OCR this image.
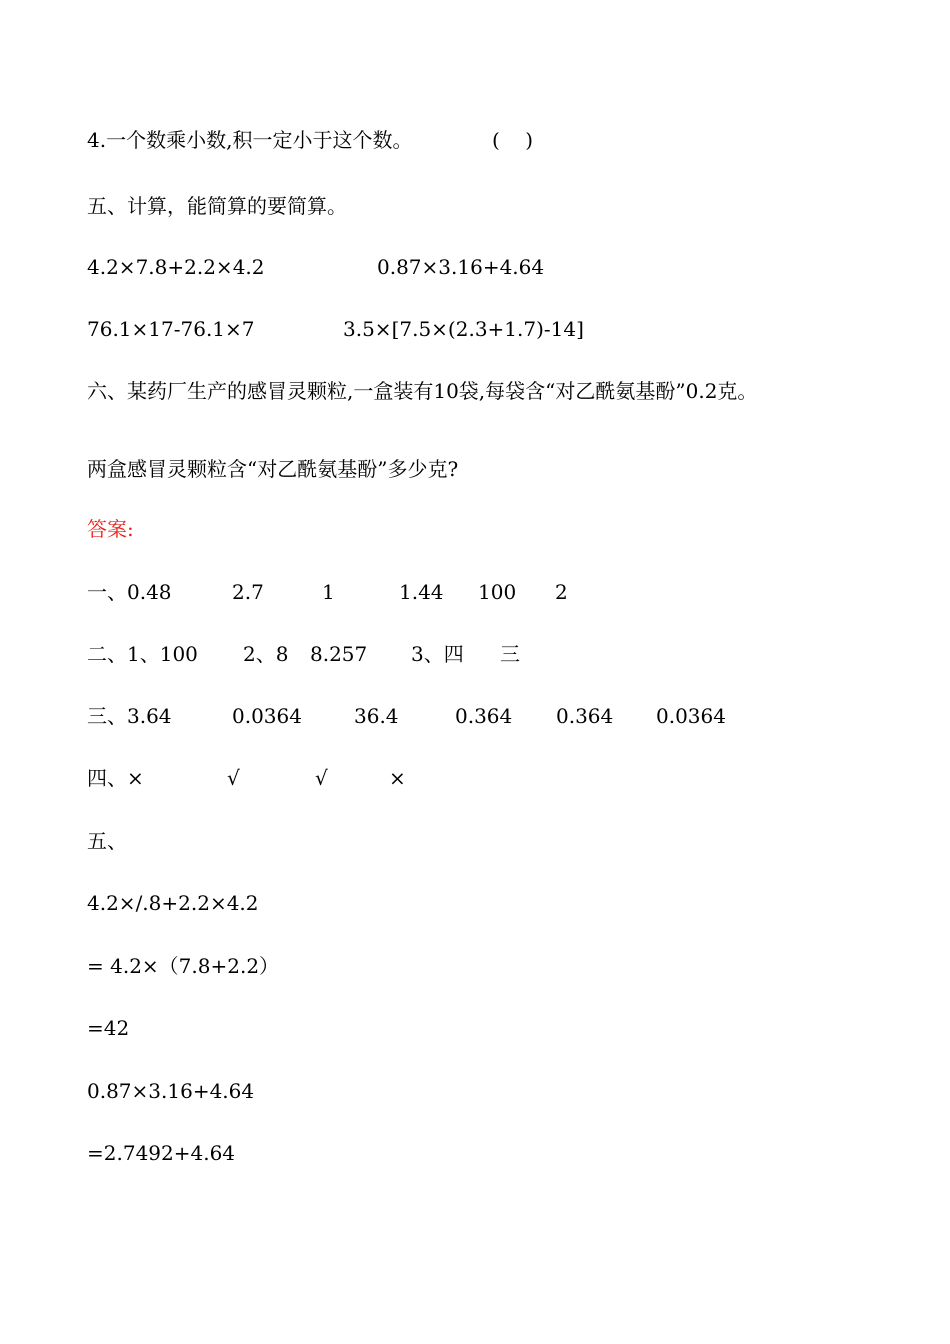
4.一个数乘小数,积一定小于这个数。

	(    )

五、计算，能简算的要简算。

4.2×7.8+2.2×4.2

	0.87×3.16+4.64

76.1×17-76.1×7

	3.5×[7.5×(2.3+1.7)-14]

六、某药厂生产的感冒灵颗粒,一盒装有10袋,每袋含“对乙酰氨基酚”0.2克。
两盒感冒灵颗粒含“对乙酰氨基酚”多少克?
答案:

一、0.48

	2.7

	1

	1.44

100

2

二、1、100

2、8

8.257

3、四

三

三、3.64

	0.0364

	36.4

	0.364

0.364

0.0364

四、×

	√

	√

	×

五、
4.2×/.8+2.2×4.2
= 4.2×（7.8+2.2）
=42
0.87×3.16+4.64
=2.7492+4.64
